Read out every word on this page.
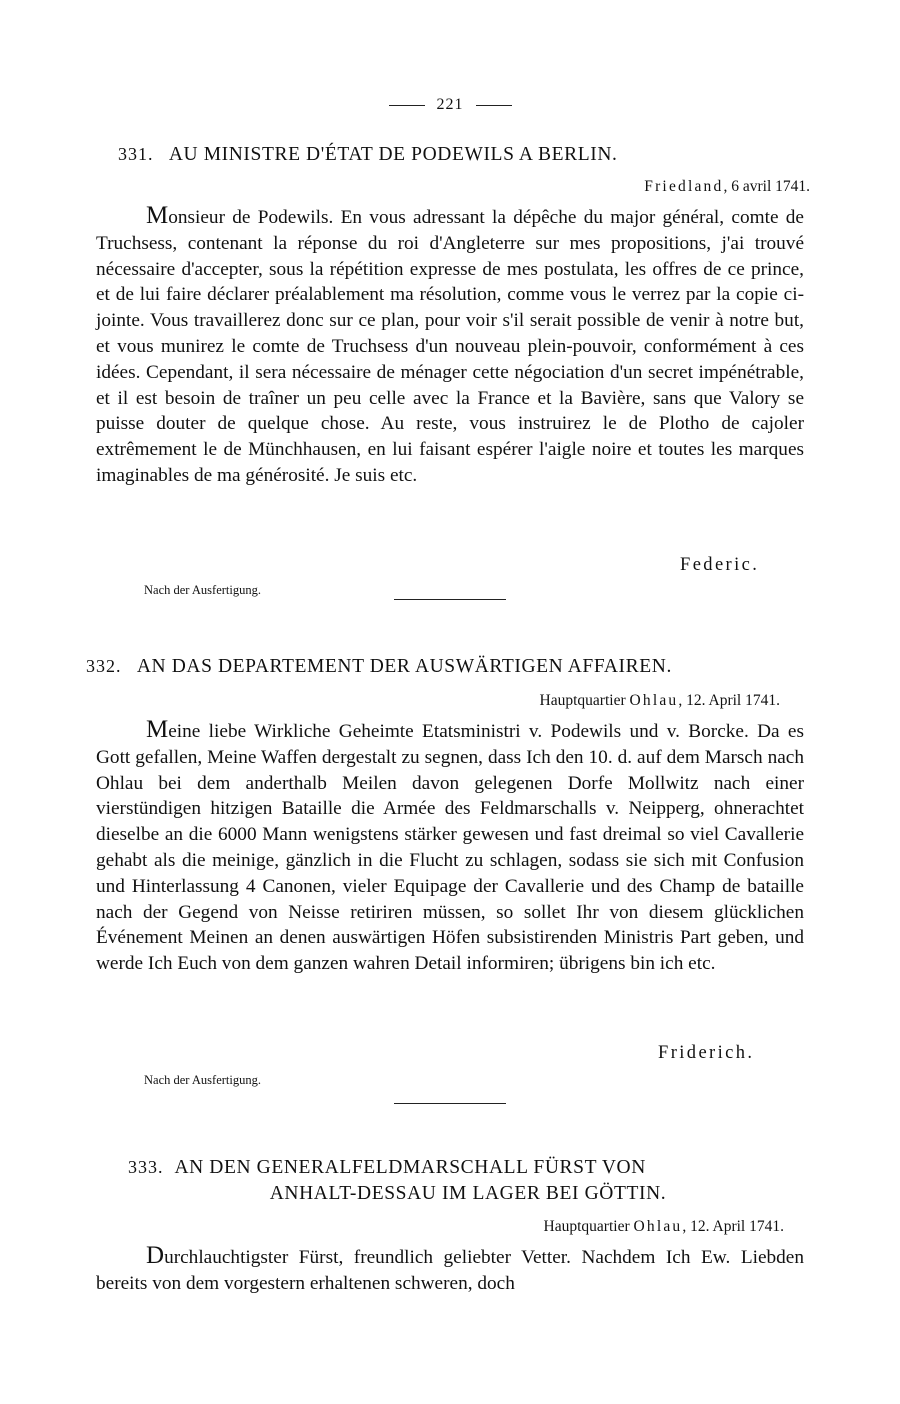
221
331. AU MINISTRE D'ÉTAT DE PODEWILS A BERLIN.
Friedland, 6 avril 1741.

Monsieur de Podewils. En vous adressant la dépêche du major général, comte de Truchsess, contenant la réponse du roi d'Angleterre sur mes propositions, j'ai trouvé nécessaire d'accepter, sous la répétition expresse de mes postulata, les offres de ce prince, et de lui faire déclarer préalablement ma résolution, comme vous le verrez par la copie ci-jointe. Vous travaillerez donc sur ce plan, pour voir s'il serait possible de venir à notre but, et vous munirez le comte de Truchsess d'un nouveau plein-pouvoir, conformément à ces idées. Cependant, il sera nécessaire de ménager cette négociation d'un secret impénétrable, et il est besoin de traîner un peu celle avec la France et la Bavière, sans que Valory se puisse douter de quelque chose. Au reste, vous instruirez le de Plotho de cajoler extrêmement le de Münchhausen, en lui faisant espérer l'aigle noire et toutes les marques imaginables de ma générosité. Je suis etc.

Federic.
Nach der Ausfertigung.
332. AN DAS DEPARTEMENT DER AUSWÄRTIGEN AFFAIREN.
Hauptquartier Ohlau, 12. April 1741.

Meine liebe Wirkliche Geheimte Etatsministri v. Podewils und v. Borcke. Da es Gott gefallen, Meine Waffen dergestalt zu segnen, dass Ich den 10. d. auf dem Marsch nach Ohlau bei dem anderthalb Meilen davon gelegenen Dorfe Mollwitz nach einer vierstündigen hitzigen Bataille die Armée des Feldmarschalls v. Neipperg, ohnerachtet dieselbe an die 6000 Mann wenigstens stärker gewesen und fast dreimal so viel Cavallerie gehabt als die meinige, gänzlich in die Flucht zu schlagen, sodass sie sich mit Confusion und Hinterlassung 4 Canonen, vieler Equipage der Cavallerie und des Champ de bataille nach der Gegend von Neisse retiriren müssen, so sollet Ihr von diesem glücklichen Événement Meinen an denen auswärtigen Höfen subsistirenden Ministris Part geben, und werde Ich Euch von dem ganzen wahren Detail informiren; übrigens bin ich etc.

Friderich.
Nach der Ausfertigung.
333. AN DEN GENERALFELDMARSCHALL FÜRST VON
ANHALT-DESSAU IM LAGER BEI GÖTTIN.
Hauptquartier Ohlau, 12. April 1741.

Durchlauchtigster Fürst, freundlich geliebter Vetter. Nachdem Ich Ew. Liebden bereits von dem vorgestern erhaltenen schweren, doch
